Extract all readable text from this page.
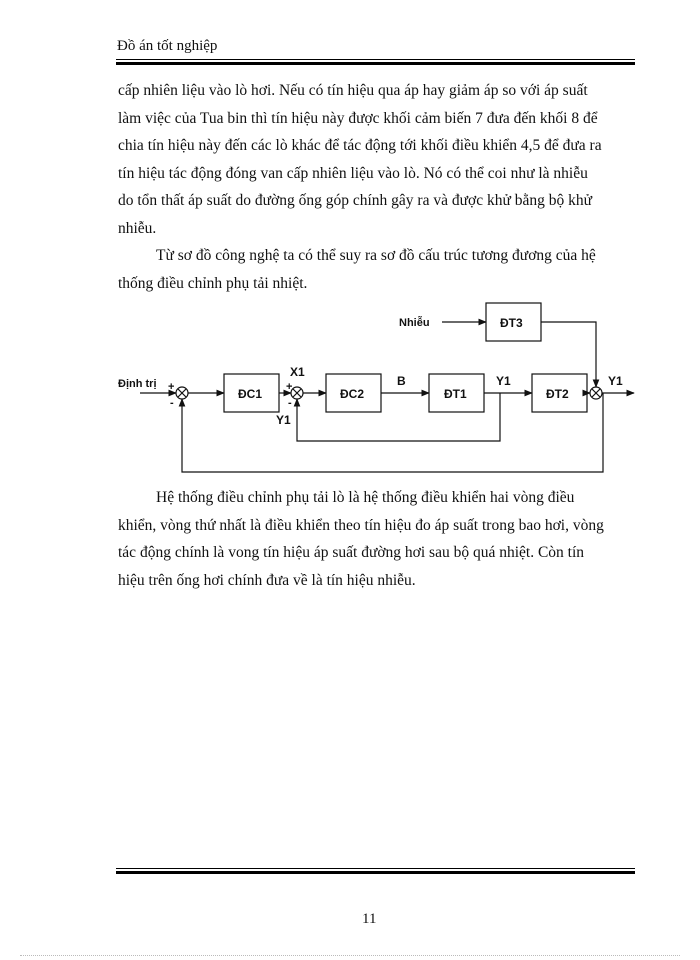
Đồ án tốt nghiệp
cấp nhiên liệu vào lò hơi. Nếu có tín hiệu qua áp hay giảm áp so với áp suất
làm việc của Tua bin thì tín hiệu này được khối cảm biến 7 đưa đến khối 8 để
chia tín hiệu này đến các lò khác để tác động tới khối điều khiển 4,5 để đưa ra
tín hiệu tác động đóng van cấp nhiên liệu vào lò. Nó có thể coi như là nhiễu
do tổn thất áp suất do đường ống góp chính gây ra và được khử bằng bộ khử
nhiễu.
Từ sơ đồ công nghệ ta có thể suy ra sơ đồ cấu trúc tương đương của hệ
thống điều chỉnh phụ tải nhiệt.
ĐC1	ĐC2	ĐT1	ĐT2
ĐT3
Định trị
Nhiễu
X1
B	Y1
Y1
Y1
+
-
+
-
Hệ thống điều chỉnh phụ tải lò là hệ thống điều khiển hai vòng điều
khiển, vòng thứ nhất là điều khiển theo tín hiệu đo áp suất trong bao hơi, vòng
tác động chính là vong tín hiệu áp suất đường hơi sau bộ quá nhiệt. Còn tín
hiệu trên ống hơi chính đưa về là tín hiệu nhiễu.
11
